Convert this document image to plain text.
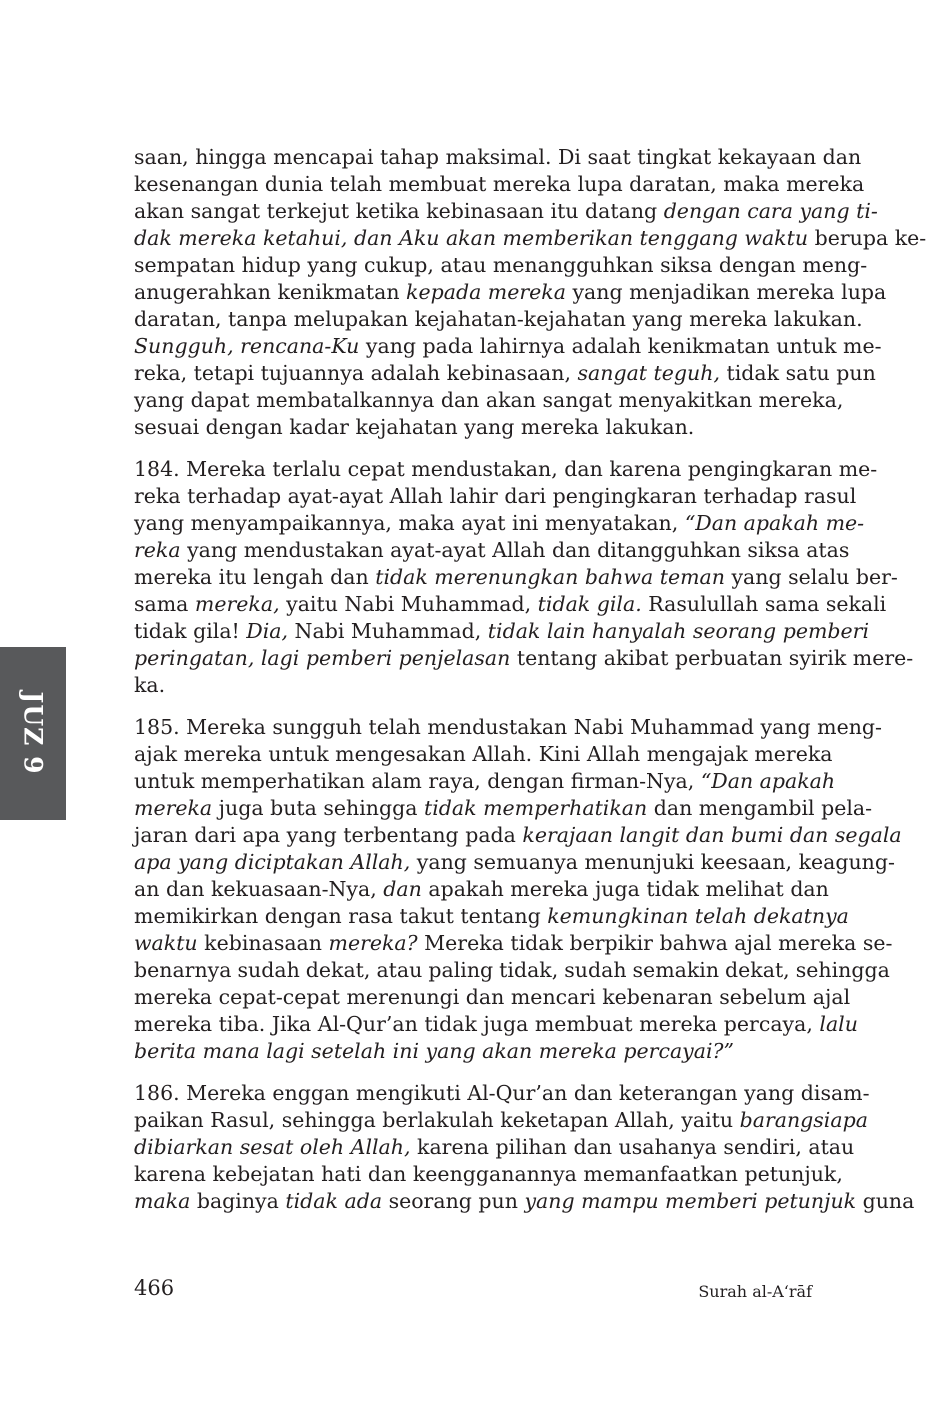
JUZ 9
saan, hingga mencapai tahap maksimal. Di saat tingkat kekayaan dan
kesenangan dunia telah membuat mereka lupa daratan, maka mereka
akan sangat terkejut ketika kebinasaan itu datang dengan cara yang ti-
dak mereka ketahui, dan Aku akan memberikan tenggang waktu berupa ke-
sempatan hidup yang cukup, atau menangguhkan siksa dengan meng-
anugerahkan kenikmatan kepada mereka yang menjadikan mereka lupa
daratan, tanpa melupakan kejahatan-kejahatan yang mereka lakukan.
Sungguh, rencana-Ku yang pada lahirnya adalah kenikmatan untuk me-
reka, tetapi tujuannya adalah kebinasaan, sangat teguh, tidak satu pun
yang dapat membatalkannya dan akan sangat menyakitkan mereka,
sesuai dengan kadar kejahatan yang mereka lakukan.
184. Mereka terlalu cepat mendustakan, dan karena pengingkaran me-
reka terhadap ayat-ayat Allah lahir dari pengingkaran terhadap rasul
yang menyampaikannya, maka ayat ini menyatakan, “Dan apakah me-
reka yang mendustakan ayat-ayat Allah dan ditangguhkan siksa atas
mereka itu lengah dan tidak merenungkan bahwa teman yang selalu ber-
sama mereka, yaitu Nabi Muhammad, tidak gila. Rasulullah sama sekali
tidak gila! Dia, Nabi Muhammad, tidak lain hanyalah seorang pemberi
peringatan, lagi pemberi penjelasan tentang akibat perbuatan syirik mere-
ka.
185. Mereka sungguh telah mendustakan Nabi Muhammad yang meng-
ajak mereka untuk mengesakan Allah. Kini Allah mengajak mereka
untuk memperhatikan alam raya, dengan firman-Nya, “Dan apakah
mereka juga buta sehingga tidak memperhatikan dan mengambil pela-
jaran dari apa yang terbentang pada kerajaan langit dan bumi dan segala
apa yang diciptakan Allah, yang semuanya menunjuki keesaan, keagung-
an dan kekuasaan-Nya, dan apakah mereka juga tidak melihat dan
memikirkan dengan rasa takut tentang kemungkinan telah dekatnya
waktu kebinasaan mereka? Mereka tidak berpikir bahwa ajal mereka se-
benarnya sudah dekat, atau paling tidak, sudah semakin dekat, sehingga
mereka cepat-cepat merenungi dan mencari kebenaran sebelum ajal
mereka tiba. Jika Al-Qur’an tidak juga membuat mereka percaya, lalu
berita mana lagi setelah ini yang akan mereka percayai?”
186. Mereka enggan mengikuti Al-Qur’an dan keterangan yang disam-
paikan Rasul, sehingga berlakulah keketapan Allah, yaitu barangsiapa
dibiarkan sesat oleh Allah, karena pilihan dan usahanya sendiri, atau
karena kebejatan hati dan keengganannya memanfaatkan petunjuk,
maka baginya tidak ada seorang pun yang mampu memberi petunjuk guna
466	Surah al-A‘rāf
